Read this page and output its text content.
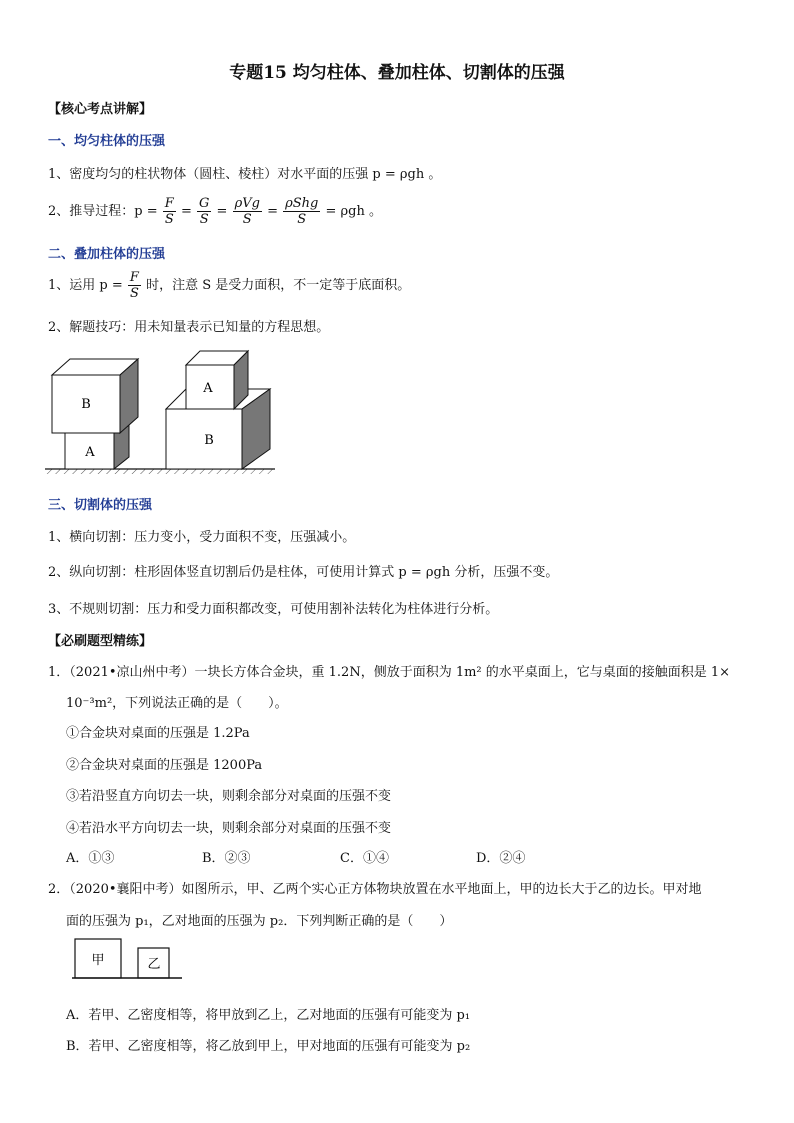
专题15 均匀柱体、叠加柱体、切割体的压强
【核心考点讲解】
一、均匀柱体的压强
1、密度均匀的柱状物体（圆柱、棱柱）对水平面的压强 p = ρgh 。
2、推导过程：$p = \frac{F}{S} = \frac{G}{S} = \frac{\text{ρVg}}{S} = \frac{\text{ρShg}}{S} = \rho gh$ 。
二、叠加柱体的压强
1、运用 $p = \frac{F}{S}$ 时，注意 S 是受力面积，不一定等于底面积。
2、解题技巧：用未知量表示已知量的方程思想。
B
A
A
B
三、切割体的压强
1、横向切割：压力变小，受力面积不变，压强减小。
2、纵向切割：柱形固体竖直切割后仍是柱体，可使用计算式 p = ρgh 分析，压强不变。
3、不规则切割：压力和受力面积都改变，可使用割补法转化为柱体进行分析。
【必刷题型精练】
1．（2021•凉山州中考）一块长方体合金块，重 1.2N，侧放于面积为 1m² 的水平桌面上，它与桌面的接触面积是 1×
10⁻³m²，下列说法正确的是（　　）。
①合金块对桌面的压强是 1.2Pa
②合金块对桌面的压强是 1200Pa
③若沿竖直方向切去一块，则剩余部分对桌面的压强不变
④若沿水平方向切去一块，则剩余部分对桌面的压强不变
A．①③	B．②③	C．①④	D．②④
2．（2020•襄阳中考）如图所示，甲、乙两个实心正方体物块放置在水平地面上，甲的边长大于乙的边长。甲对地
面的压强为 p₁，乙对地面的压强为 p₂．下列判断正确的是（　　）
甲	乙
A．若甲、乙密度相等，将甲放到乙上，乙对地面的压强有可能变为 p₁
B．若甲、乙密度相等，将乙放到甲上，甲对地面的压强有可能变为 p₂
